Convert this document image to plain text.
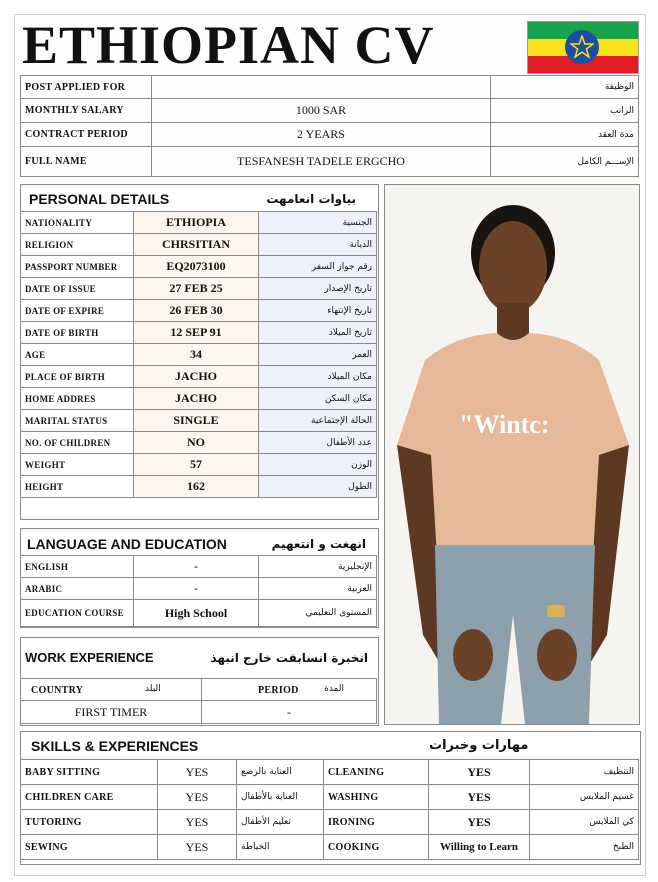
ETHIOPIAN CV
POST APPLIED FOR		الوظيفة
MONTHLY SALARY	1000 SAR	الراتب
CONTRACT PERIOD	2 YEARS	مدة العقد
FULL NAME	TESFANESH TADELE ERGCHO	الإســـم الكامل
PERSONAL DETAILS	بياوات انعامهت
NATIONALITY	ETHIOPIA	الجنسية
RELIGION	CHRSITIAN	الديانة
PASSPORT NUMBER	EQ2073100	رقم جواز السفر
DATE OF ISSUE	27 FEB 25	تاريخ الإصدار
DATE OF EXPIRE	26 FEB 30	تاريخ الإنتهاء
DATE OF BIRTH	12 SEP 91	تاريخ الميلاد
AGE	34	العمر
PLACE OF BIRTH	JACHO	مكان الميلاد
HOME ADDRES	JACHO	مكان السكن
MARITAL STATUS	SINGLE	الحالة الإجتماعية
NO. OF CHILDREN	NO	عدد الأطفال
WEIGHT	57	الوزن
HEIGHT	162	الطول
"Wintc:
LANGUAGE AND EDUCATION	انهغت و انتعهيم
ENGLISH	-	الإنجليزية
ARABIC	-	العربية
EDUCATION COURSE	High School	المستوى التعليمي
WORK EXPERIENCE	انخبرة انسابقت خارج انبهذ
COUNTRY البلد	PERIOD المدة

FIRST TIMER	-
SKILLS & EXPERIENCES	مهارات وخبرات
BABY SITTING	YES	العناية بالرضع	CLEANING	YES	التنظيف
CHILDREN CARE	YES	العناية بالأطفال	WASHING	YES	غسيم الملابس
TUTORING	YES	تعليم الأطفال	IRONING	YES	كي الملابس
SEWING	YES	الخياطة	COOKING	Willing to Learn	الطبخ
